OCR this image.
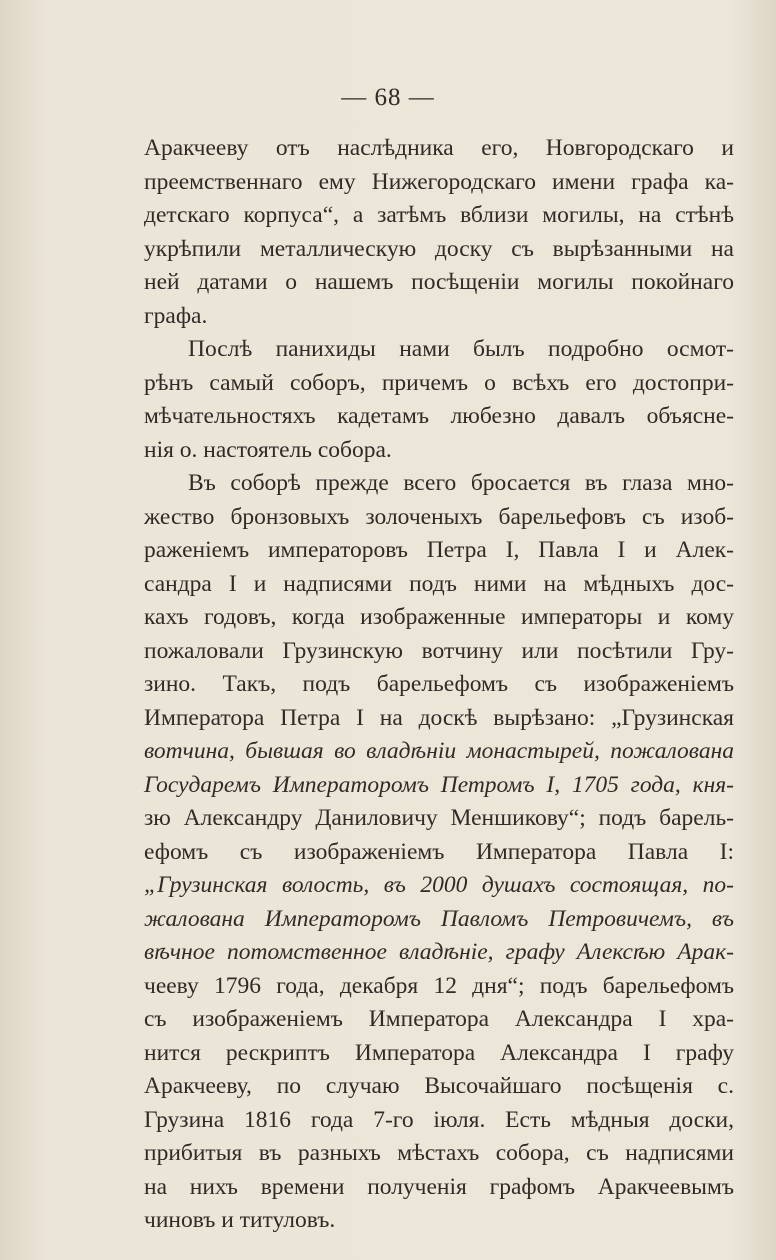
— 68 —
Аракчееву отъ наслѣдника его, Новгородскаго и
преемственнаго ему Нижегородскаго имени графа ка-
детскаго корпуса“, а затѣмъ вблизи могилы, на стѣнѣ
укрѣпили металлическую доску съ вырѣзанными на
ней датами о нашемъ посѣщеніи могилы покойнаго
графа.
Послѣ панихиды нами былъ подробно осмот-
рѣнъ самый соборъ, причемъ о всѣхъ его достопри-
мѣчательностяхъ кадетамъ любезно давалъ объясне-
нія о. настоятель собора.
Въ соборѣ прежде всего бросается въ глаза мно-
жество бронзовыхъ золоченыхъ барельефовъ съ изоб-
раженіемъ императоровъ Петра I, Павла I и Алек-
сандра I и надписями подъ ними на мѣдныхъ дос-
кахъ годовъ, когда изображенные императоры и кому
пожаловали Грузинскую вотчину или посѣтили Гру-
зино. Такъ, подъ барельефомъ съ изображеніемъ
Императора Петра I на доскѣ вырѣзано: „Грузинская
вотчина, бывшая во владѣніи монастырей, пожалована
Государемъ Императоромъ Петромъ I, 1705 года, кня-
зю Александру Даниловичу Меншикову“; подъ барель-
ефомъ съ изображеніемъ Императора Павла I:
„Грузинская волость, въ 2000 душахъ состоящая, по-
жалована Императоромъ Павломъ Петровичемъ, въ
вѣчное потомственное владѣніе, графу Алексѣю Арак-
чееву 1796 года, декабря 12 дня“; подъ барельефомъ
съ изображеніемъ Императора Александра I хра-
нится рескриптъ Императора Александра I графу
Аракчееву, по случаю Высочайшаго посѣщенія с.
Грузина 1816 года 7-го іюля. Есть мѣдныя доски,
прибитыя въ разныхъ мѣстахъ собора, съ надписями
на нихъ времени полученія графомъ Аракчеевымъ
чиновъ и титуловъ.
